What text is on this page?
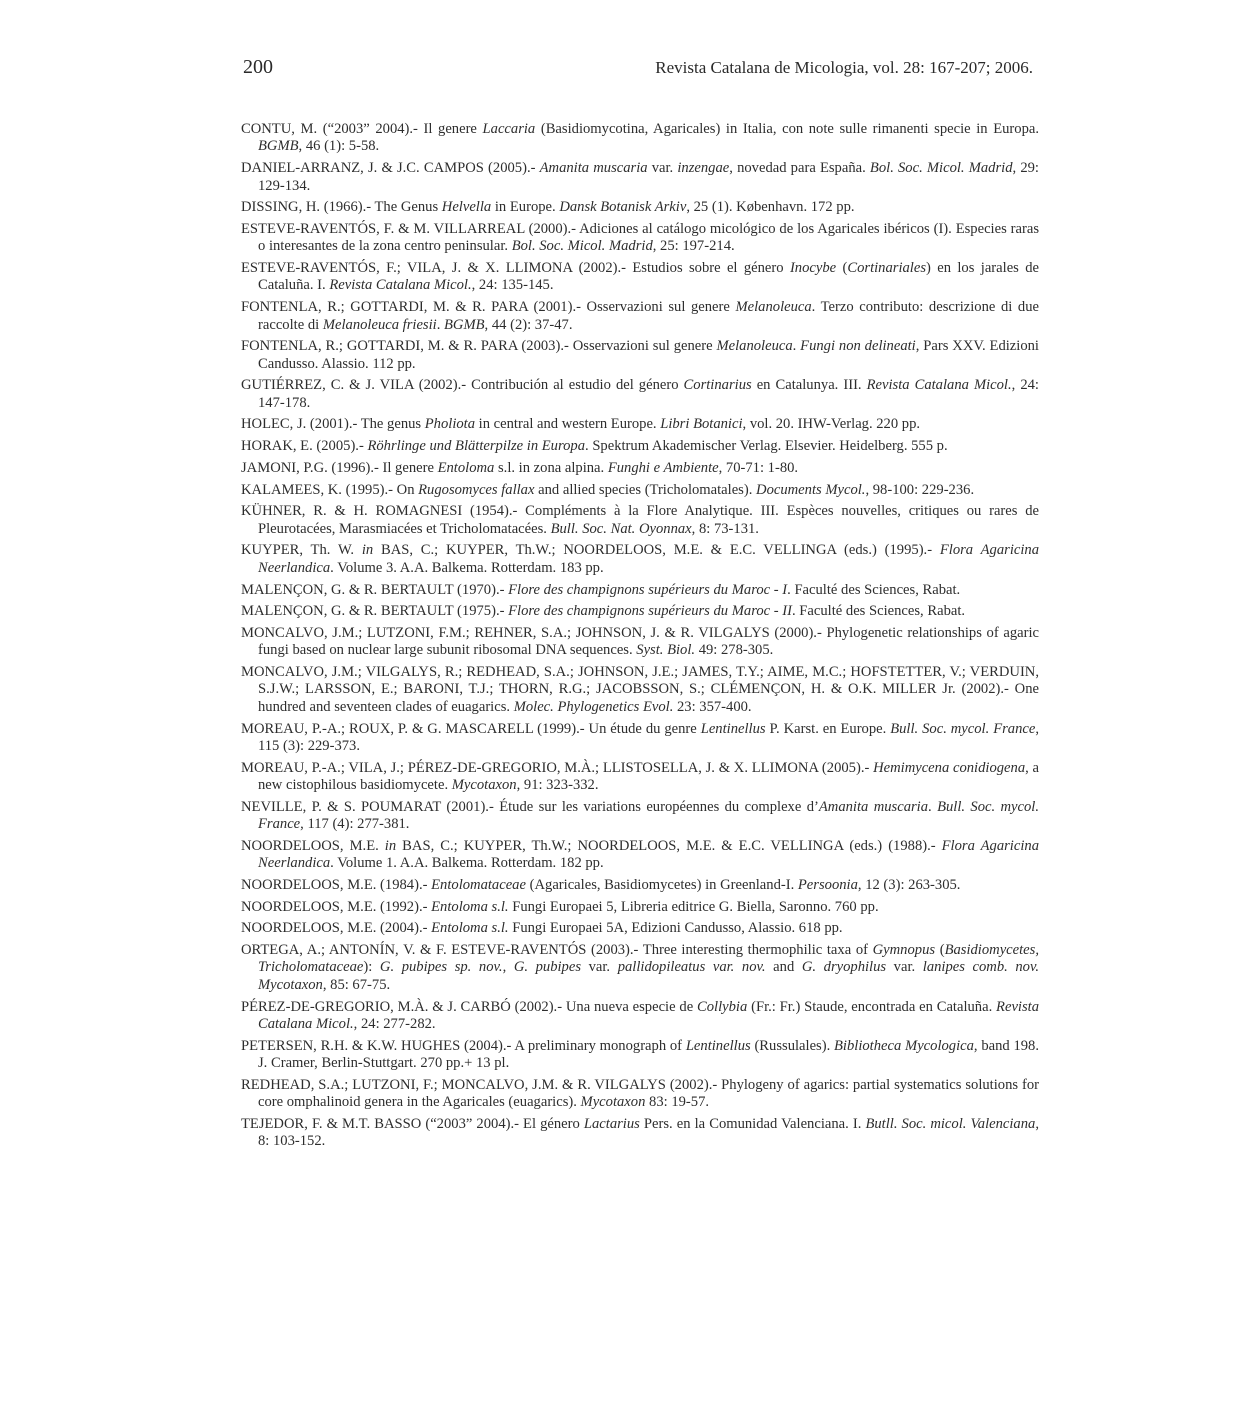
200	Revista Catalana de Micologia, vol. 28: 167-207; 2006.

CONTU, M. (“2003” 2004).- Il genere Laccaria (Basidiomycotina, Agaricales) in Italia, con note sulle rimanenti specie in Europa. BGMB, 46 (1): 5-58.

DANIEL-ARRANZ, J. & J.C. CAMPOS (2005).- Amanita muscaria var. inzengae, novedad para España. Bol. Soc. Micol. Madrid, 29: 129-134.

DISSING, H. (1966).- The Genus Helvella in Europe. Dansk Botanisk Arkiv, 25 (1). København. 172 pp.

ESTEVE-RAVENTÓS, F. & M. VILLARREAL (2000).- Adiciones al catálogo micológico de los Agaricales ibéricos (I). Especies raras o interesantes de la zona centro peninsular. Bol. Soc. Micol. Madrid, 25: 197-214.

ESTEVE-RAVENTÓS, F.; VILA, J. & X. LLIMONA (2002).- Estudios sobre el género Inocybe (Cortinariales) en los jarales de Cataluña. I. Revista Catalana Micol., 24: 135-145.

FONTENLA, R.; GOTTARDI, M. & R. PARA (2001).- Osservazioni sul genere Melanoleuca. Terzo contributo: descrizione di due raccolte di Melanoleuca friesii. BGMB, 44 (2): 37-47.

FONTENLA, R.; GOTTARDI, M. & R. PARA (2003).- Osservazioni sul genere Melanoleuca. Fungi non delineati, Pars XXV. Edizioni Candusso. Alassio. 112 pp.

GUTIÉRREZ, C. & J. VILA (2002).- Contribución al estudio del género Cortinarius en Catalunya. III. Revista Catalana Micol., 24: 147-178.

HOLEC, J. (2001).- The genus Pholiota in central and western Europe. Libri Botanici, vol. 20. IHW-Verlag. 220 pp.

HORAK, E. (2005).- Röhrlinge und Blätterpilze in Europa. Spektrum Akademischer Verlag. Elsevier. Heidelberg. 555 p.

JAMONI, P.G. (1996).- Il genere Entoloma s.l. in zona alpina. Funghi e Ambiente, 70-71: 1-80.

KALAMEES, K. (1995).- On Rugosomyces fallax and allied species (Tricholomatales). Documents Mycol., 98-100: 229-236.

KÜHNER, R. & H. ROMAGNESI (1954).- Compléments à la Flore Analytique. III. Espèces nouvelles, critiques ou rares de Pleurotacées, Marasmiacées et Tricholomatacées. Bull. Soc. Nat. Oyonnax, 8: 73-131.

KUYPER, Th. W. in BAS, C.; KUYPER, Th.W.; NOORDELOOS, M.E. & E.C. VELLINGA (eds.) (1995).- Flora Agaricina Neerlandica. Volume 3. A.A. Balkema. Rotterdam. 183 pp.

MALENÇON, G. & R. BERTAULT (1970).- Flore des champignons supérieurs du Maroc - I. Faculté des Sciences, Rabat.

MALENÇON, G. & R. BERTAULT (1975).- Flore des champignons supérieurs du Maroc - II. Faculté des Sciences, Rabat.

MONCALVO, J.M.; LUTZONI, F.M.; REHNER, S.A.; JOHNSON, J. & R. VILGALYS (2000).- Phylogenetic relationships of agaric fungi based on nuclear large subunit ribosomal DNA sequences. Syst. Biol. 49: 278-305.

MONCALVO, J.M.; VILGALYS, R.; REDHEAD, S.A.; JOHNSON, J.E.; JAMES, T.Y.; AIME, M.C.; HOFSTETTER, V.; VERDUIN, S.J.W.; LARSSON, E.; BARONI, T.J.; THORN, R.G.; JACOBSSON, S.; CLÉMENÇON, H. & O.K. MILLER Jr. (2002).- One hundred and seventeen clades of euagarics. Molec. Phylogenetics Evol. 23: 357-400.

MOREAU, P.-A.; ROUX, P. & G. MASCARELL (1999).- Un étude du genre Lentinellus P. Karst. en Europe. Bull. Soc. mycol. France, 115 (3): 229-373.

MOREAU, P.-A.; VILA, J.; PÉREZ-DE-GREGORIO, M.À.; LLISTOSELLA, J. & X. LLIMONA (2005).- Hemimycena conidiogena, a new cistophilous basidiomycete. Mycotaxon, 91: 323-332.

NEVILLE, P. & S. POUMARAT (2001).- Étude sur les variations européennes du complexe d’Amanita muscaria. Bull. Soc. mycol. France, 117 (4): 277-381.

NOORDELOOS, M.E. in BAS, C.; KUYPER, Th.W.; NOORDELOOS, M.E. & E.C. VELLINGA (eds.) (1988).- Flora Agaricina Neerlandica. Volume 1. A.A. Balkema. Rotterdam. 182 pp.

NOORDELOOS, M.E. (1984).- Entolomataceae (Agaricales, Basidiomycetes) in Greenland-I. Persoonia, 12 (3): 263-305.

NOORDELOOS, M.E. (1992).- Entoloma s.l. Fungi Europaei 5, Libreria editrice G. Biella, Saronno. 760 pp.

NOORDELOOS, M.E. (2004).- Entoloma s.l. Fungi Europaei 5A, Edizioni Candusso, Alassio. 618 pp.

ORTEGA, A.; ANTONÍN, V. & F. ESTEVE-RAVENTÓS (2003).- Three interesting thermophilic taxa of Gymnopus (Basidiomycetes, Tricholomataceae): G. pubipes sp. nov., G. pubipes var. pallidopileatus var. nov. and G. dryophilus var. lanipes comb. nov. Mycotaxon, 85: 67-75.

PÉREZ-DE-GREGORIO, M.À. & J. CARBÓ (2002).- Una nueva especie de Collybia (Fr.: Fr.) Staude, encontrada en Cataluña. Revista Catalana Micol., 24: 277-282.

PETERSEN, R.H. & K.W. HUGHES (2004).- A preliminary monograph of Lentinellus (Russulales). Bibliotheca Mycologica, band 198. J. Cramer, Berlin-Stuttgart. 270 pp.+ 13 pl.

REDHEAD, S.A.; LUTZONI, F.; MONCALVO, J.M. & R. VILGALYS (2002).- Phylogeny of agarics: partial systematics solutions for core omphalinoid genera in the Agaricales (euagarics). Mycotaxon 83: 19-57.

TEJEDOR, F. & M.T. BASSO (“2003” 2004).- El género Lactarius Pers. en la Comunidad Valenciana. I. Butll. Soc. micol. Valenciana, 8: 103-152.
